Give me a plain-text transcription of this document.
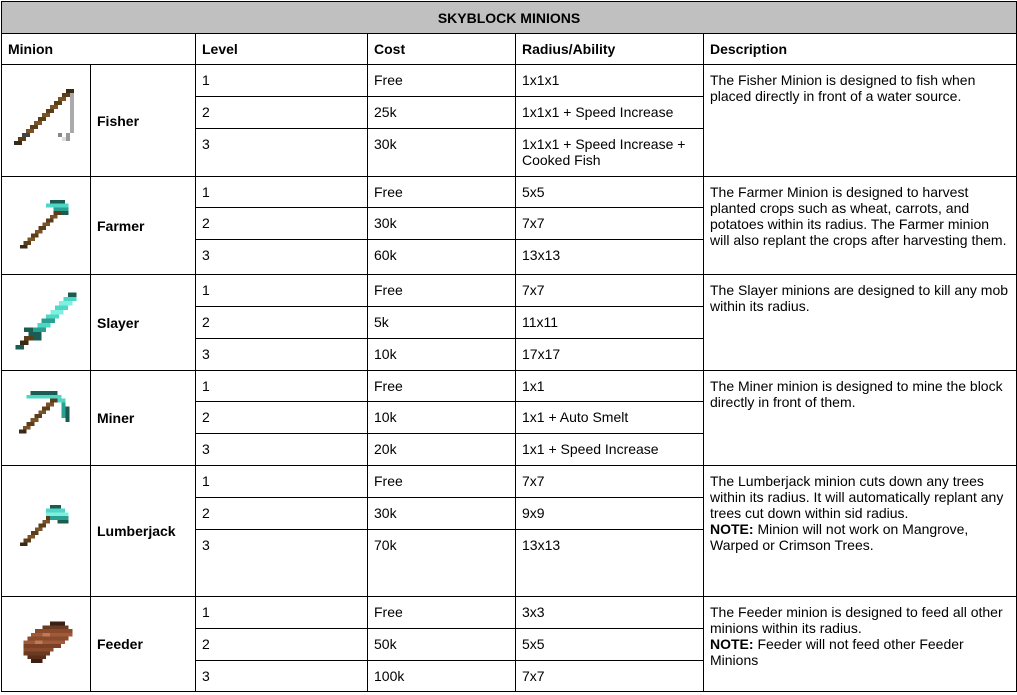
SKYBLOCK MINIONS					
Minion		Level	Cost	Radius/Ability	Description

	Fisher	1	Free	1x1x1	The Fisher Minion is designed to fish when placed directly in front of a water source.
		2	25k	1x1x1 + Speed Increase	
		3	30k	1x1x1 + Speed Increase + Cooked Fish	

	Farmer	1	Free	5x5	The Farmer Minion is designed to harvest planted crops such as wheat, carrots, and potatoes within its radius. The Farmer minion will also replant the crops after harvesting them.
		2	30k	7x7	
		3	60k	13x13	

	Slayer	1	Free	7x7	The Slayer minions are designed to kill any mob within its radius.
		2	5k	11x11	
		3	10k	17x17	

	Miner	1	Free	1x1	The Miner minion is designed to mine the block directly in front of them.
		2	10k	1x1 + Auto Smelt	
		3	20k	1x1 + Speed Increase	

	Lumberjack	1	Free	7x7	The Lumberjack minion cuts down any trees within its radius. It will automatically replant any trees cut down within sid radius.
NOTE: Minion will not work on Mangrove, Warped or Crimson Trees.
		2	30k	9x9	
		3	70k	13x13	

	Feeder	1	Free	3x3	The Feeder minion is designed to feed all other minions within its radius.
NOTE: Feeder will not feed other Feeder Minions
		2	50k	5x5	
		3	100k	7x7	
